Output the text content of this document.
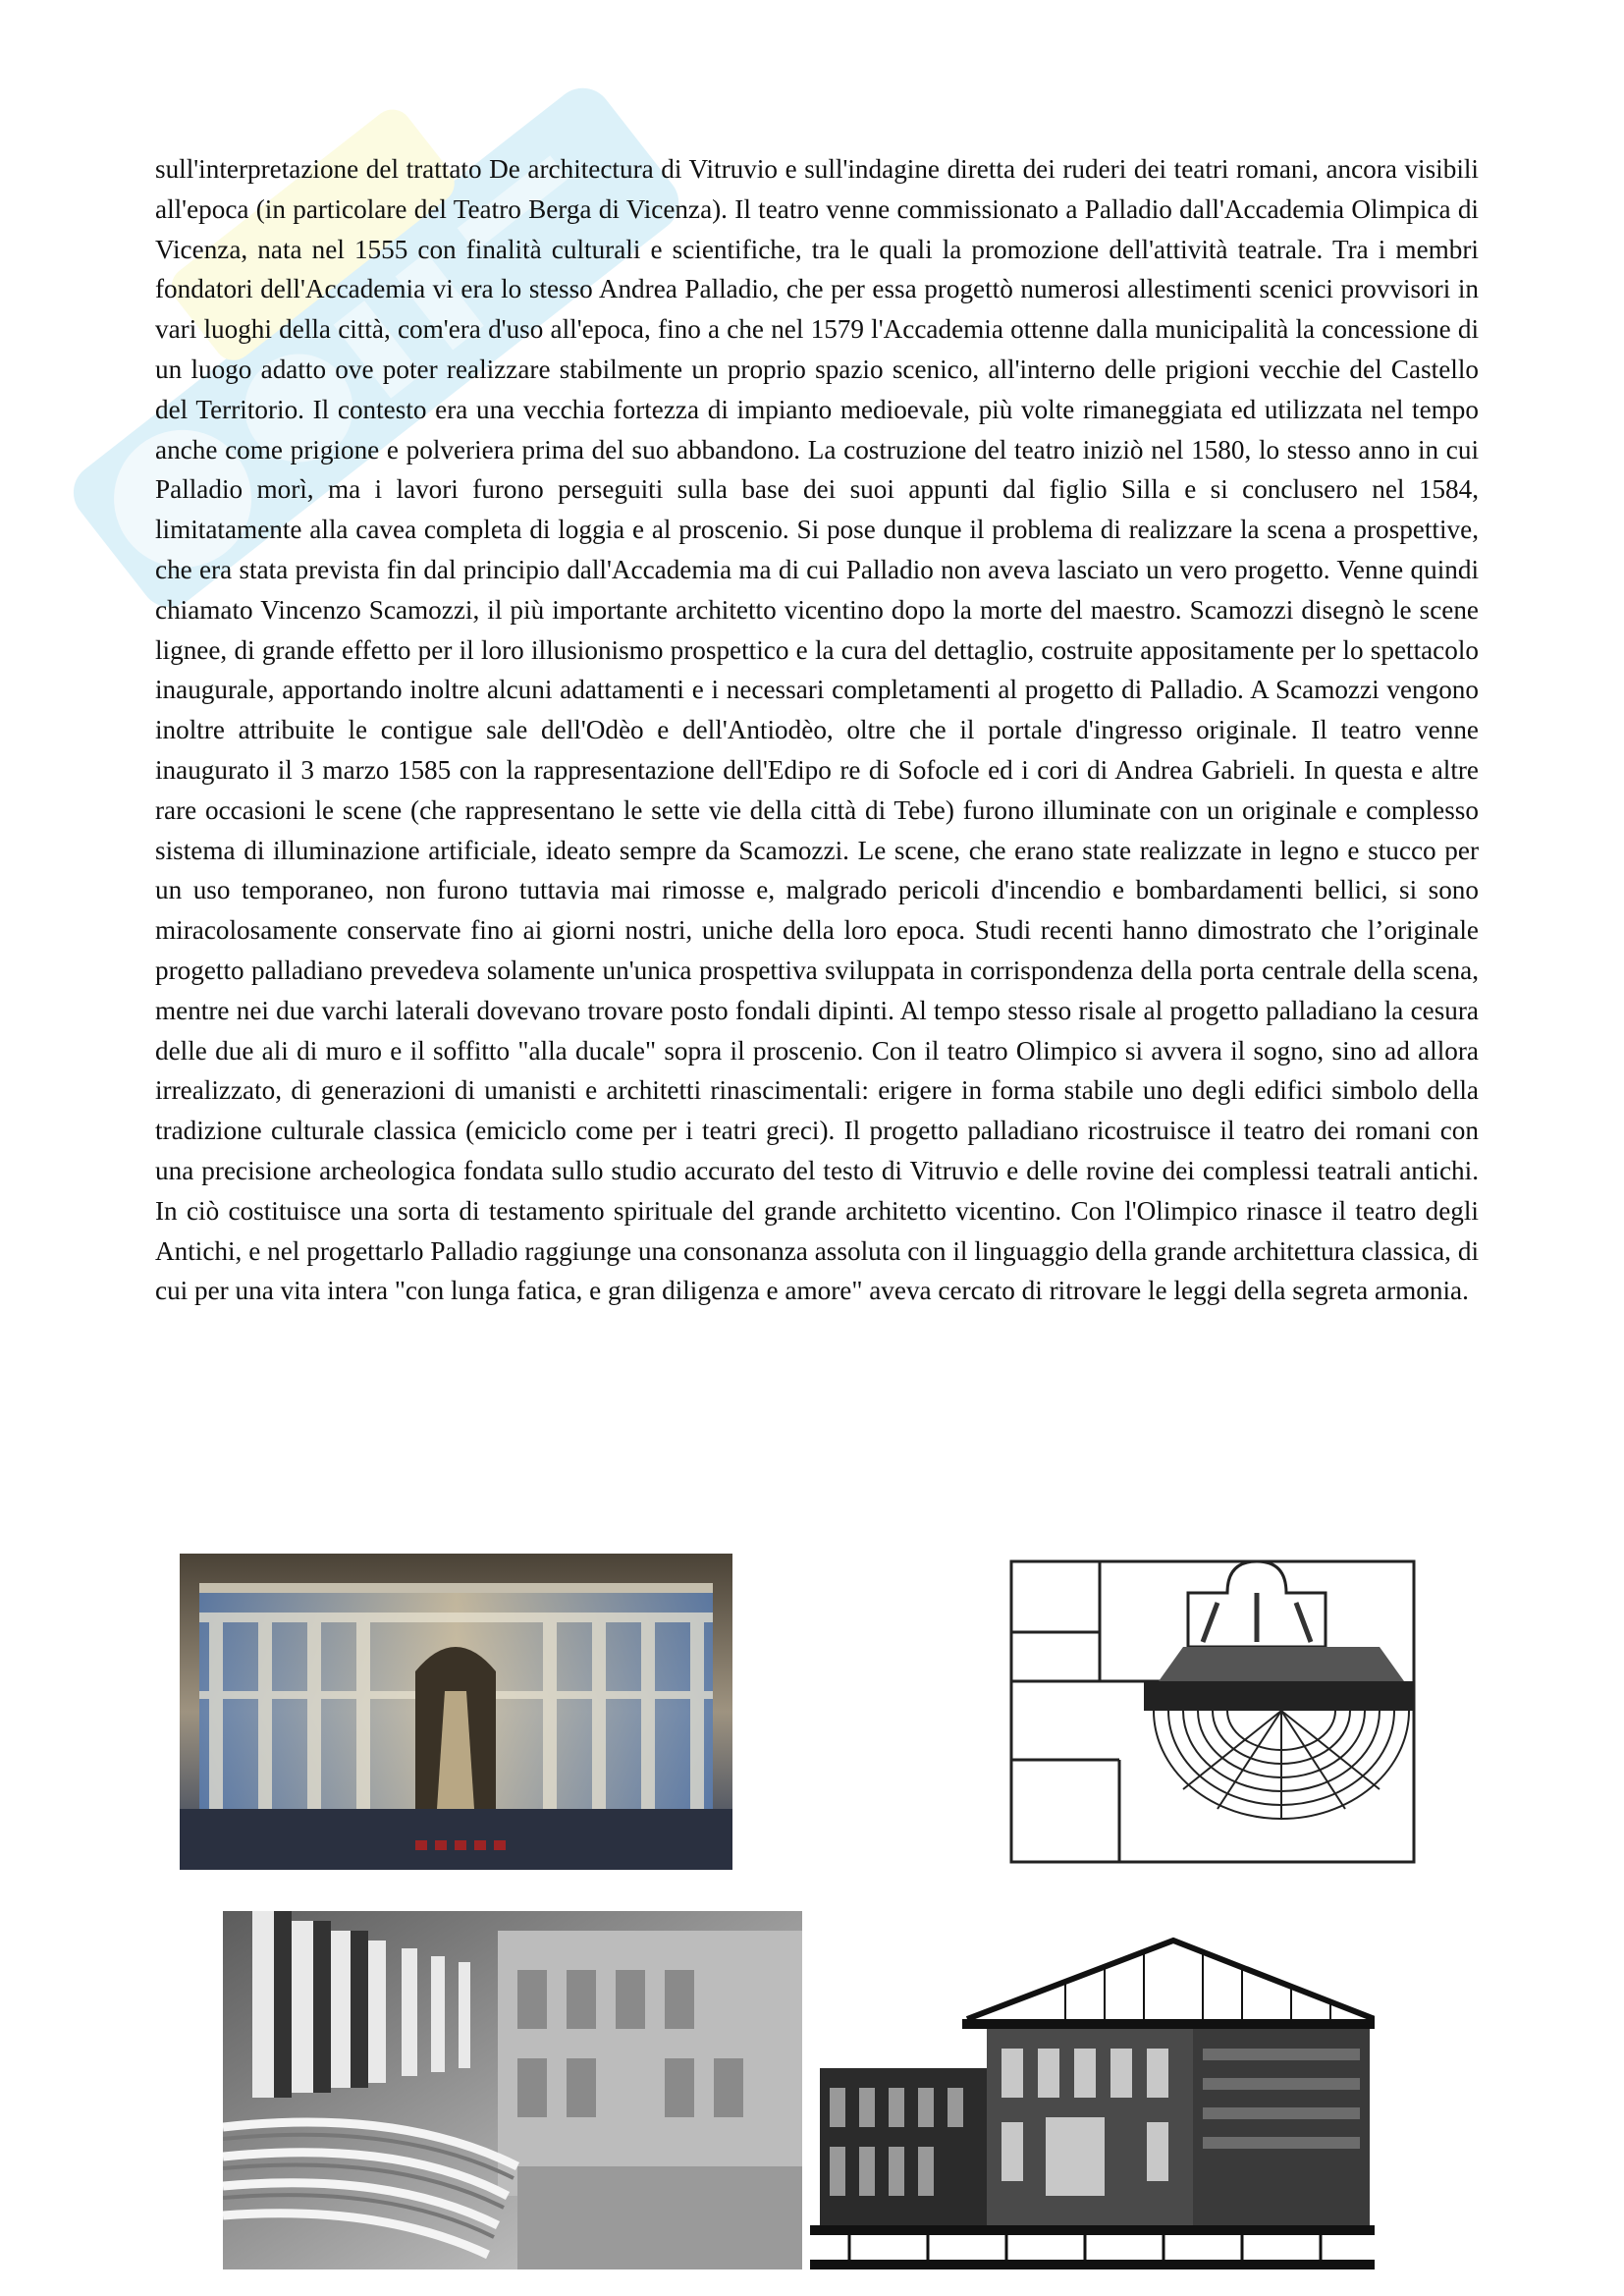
sull'interpretazione del trattato De architectura di Vitruvio e sull'indagine diretta dei ruderi dei teatri romani, ancora visibili all'epoca (in particolare del Teatro Berga di Vicenza). Il teatro venne commissionato a Palladio dall'Accademia Olimpica di Vicenza, nata nel 1555 con finalità culturali e scientifiche, tra le quali la promozione dell'attività teatrale. Tra i membri fondatori dell'Accademia vi era lo stesso Andrea Palladio, che per essa progettò numerosi allestimenti scenici provvisori in vari luoghi della città, com'era d'uso all'epoca, fino a che nel 1579 l'Accademia ottenne dalla municipalità la concessione di un luogo adatto ove poter realizzare stabilmente un proprio spazio scenico, all'interno delle prigioni vecchie del Castello del Territorio. Il contesto era una vecchia fortezza di impianto medioevale, più volte rimaneggiata ed utilizzata nel tempo anche come prigione e polveriera prima del suo abbandono. La costruzione del teatro iniziò nel 1580, lo stesso anno in cui Palladio morì, ma i lavori furono perseguiti sulla base dei suoi appunti dal figlio Silla e si conclusero nel 1584, limitatamente alla cavea completa di loggia e al proscenio. Si pose dunque il problema di realizzare la scena a prospettive, che era stata prevista fin dal principio dall'Accademia ma di cui Palladio non aveva lasciato un vero progetto. Venne quindi chiamato Vincenzo Scamozzi, il più importante architetto vicentino dopo la morte del maestro. Scamozzi disegnò le scene lignee, di grande effetto per il loro illusionismo prospettico e la cura del dettaglio, costruite appositamente per lo spettacolo inaugurale, apportando inoltre alcuni adattamenti e i necessari completamenti al progetto di Palladio. A Scamozzi vengono inoltre attribuite le contigue sale dell'Odèo e dell'Antiodèo, oltre che il portale d'ingresso originale. Il teatro venne inaugurato il 3 marzo 1585 con la rappresentazione dell'Edipo re di Sofocle ed i cori di Andrea Gabrieli. In questa e altre rare occasioni le scene (che rappresentano le sette vie della città di Tebe) furono illuminate con un originale e complesso sistema di illuminazione artificiale, ideato sempre da Scamozzi. Le scene, che erano state realizzate in legno e stucco per un uso temporaneo, non furono tuttavia mai rimosse e, malgrado pericoli d'incendio e bombardamenti bellici, si sono miracolosamente conservate fino ai giorni nostri, uniche della loro epoca. Studi recenti hanno dimostrato che l’originale progetto palladiano prevedeva solamente un'unica prospettiva sviluppata in corrispondenza della porta centrale della scena, mentre nei due varchi laterali dovevano trovare posto fondali dipinti. Al tempo stesso risale al progetto palladiano la cesura delle due ali di muro e il soffitto "alla ducale" sopra il proscenio. Con il teatro Olimpico si avvera il sogno, sino ad allora irrealizzato, di generazioni di umanisti e architetti rinascimentali: erigere in forma stabile uno degli edifici simbolo della tradizione culturale classica (emiciclo come per i teatri greci). Il progetto palladiano ricostruisce il teatro dei romani con una precisione archeologica fondata sullo studio accurato del testo di Vitruvio e delle rovine dei complessi teatrali antichi. In ciò costituisce una sorta di testamento spirituale del grande architetto vicentino. Con l'Olimpico rinasce il teatro degli Antichi, e nel progettarlo Palladio raggiunge una consonanza assoluta con il linguaggio della grande architettura classica, di cui per una vita intera "con lunga fatica, e gran diligenza e amore" aveva cercato di ritrovare le leggi della segreta armonia.
